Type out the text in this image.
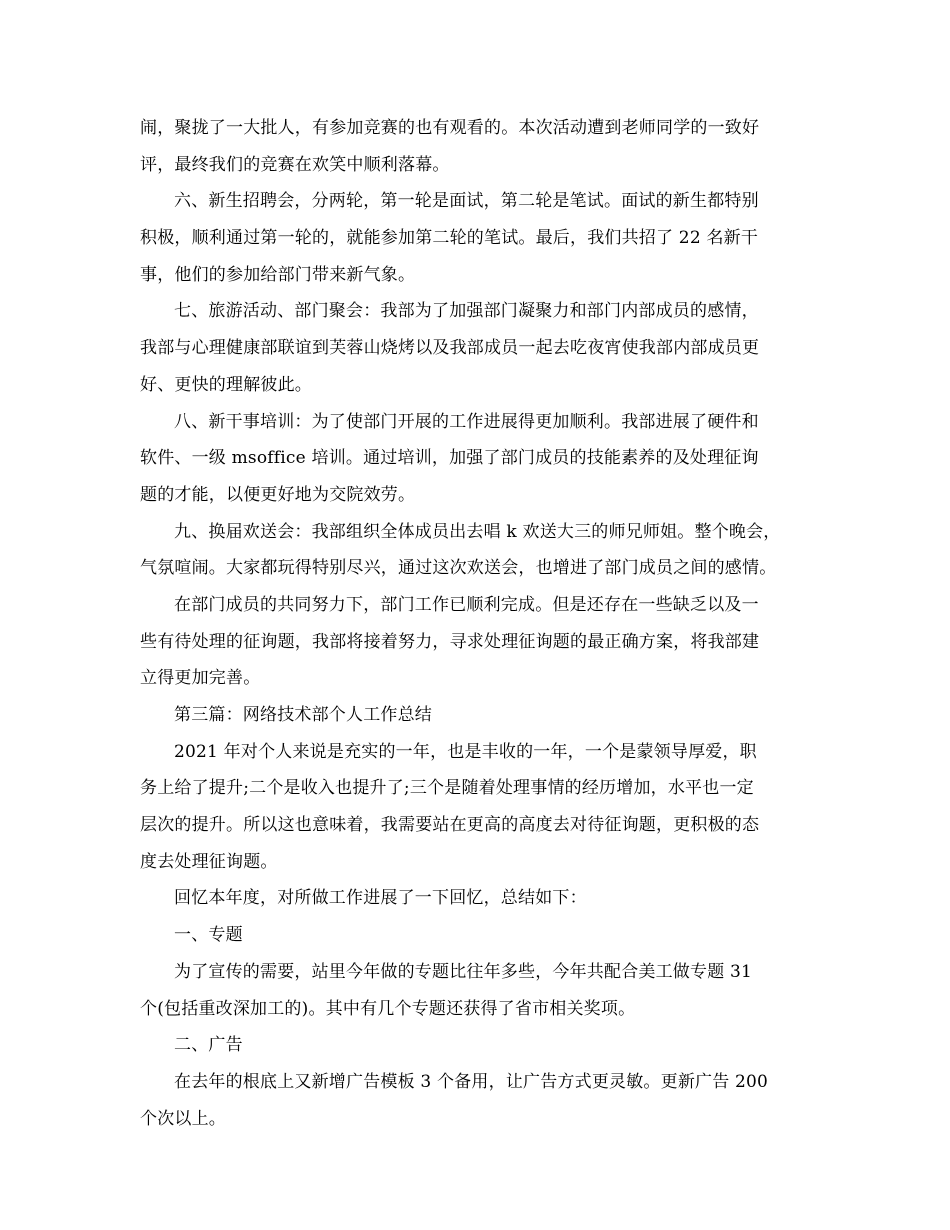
闹，聚拢了一大批人，有参加竞赛的也有观看的。本次活动遭到老师同学的一致好
评，最终我们的竞赛在欢笑中顺利落幕。
六、新生招聘会，分两轮，第一轮是面试，第二轮是笔试。面试的新生都特别
积极，顺利通过第一轮的，就能参加第二轮的笔试。最后，我们共招了 22 名新干
事，他们的参加给部门带来新气象。
七、旅游活动、部门聚会：我部为了加强部门凝聚力和部门内部成员的感情，
我部与心理健康部联谊到芙蓉山烧烤以及我部成员一起去吃夜宵使我部内部成员更
好、更快的理解彼此。
八、新干事培训：为了使部门开展的工作进展得更加顺利。我部进展了硬件和
软件、一级 msoffice 培训。通过培训，加强了部门成员的技能素养的及处理征询
题的才能，以便更好地为交院效劳。
九、换届欢送会：我部组织全体成员出去唱 k 欢送大三的师兄师姐。整个晚会，
气氛喧闹。大家都玩得特别尽兴，通过这次欢送会，也增进了部门成员之间的感情。
在部门成员的共同努力下，部门工作已顺利完成。但是还存在一些缺乏以及一
些有待处理的征询题，我部将接着努力，寻求处理征询题的最正确方案，将我部建
立得更加完善。
第三篇：网络技术部个人工作总结
2021 年对个人来说是充实的一年，也是丰收的一年，一个是蒙领导厚爱，职
务上给了提升;二个是收入也提升了;三个是随着处理事情的经历增加，水平也一定
层次的提升。所以这也意味着，我需要站在更高的高度去对待征询题，更积极的态
度去处理征询题。
回忆本年度，对所做工作进展了一下回忆，总结如下：
一、专题
为了宣传的需要，站里今年做的专题比往年多些，今年共配合美工做专题 31
个(包括重改深加工的)。其中有几个专题还获得了省市相关奖项。
二、广告
在去年的根底上又新增广告模板 3 个备用，让广告方式更灵敏。更新广告 200
个次以上。
